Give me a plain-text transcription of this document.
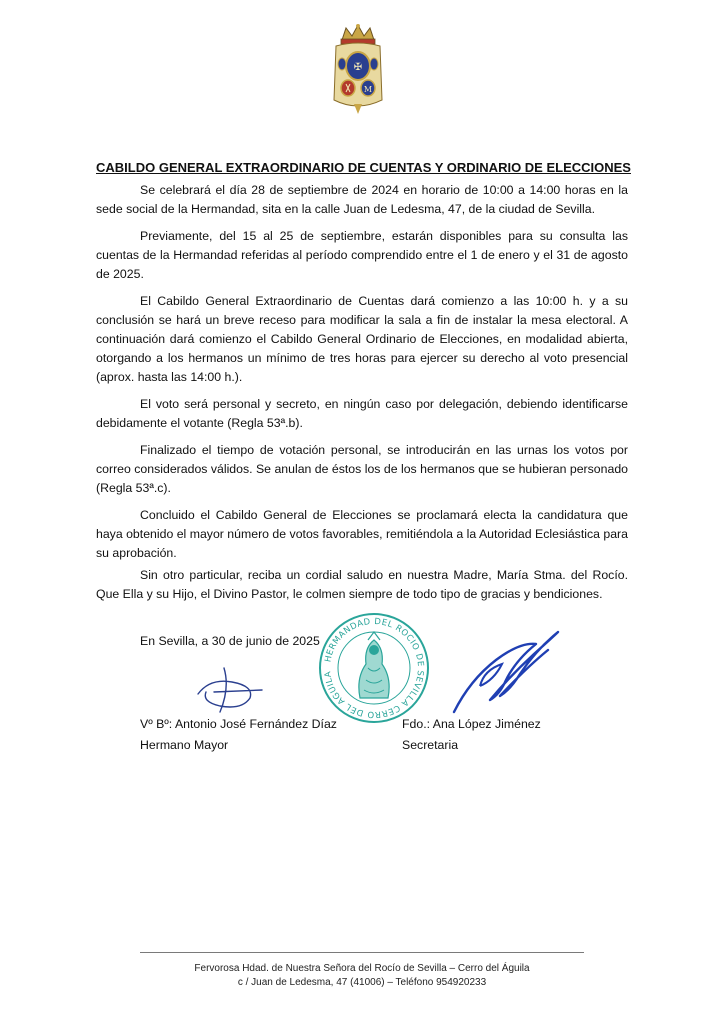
✠
M
CABILDO GENERAL EXTRAORDINARIO DE CUENTAS Y ORDINARIO DE ELECCIONES

Se celebrará el día 28 de septiembre de 2024 en horario de 10:00 a 14:00 horas en la sede social de la Hermandad, sita en la calle Juan de Ledesma, 47, de la ciudad de Sevilla.

Previamente, del 15 al 25 de septiembre, estarán disponibles para su consulta las cuentas de la Hermandad referidas al período comprendido entre el 1 de enero y el 31 de agosto de 2025.

El Cabildo General Extraordinario de Cuentas dará comienzo a las 10:00 h. y a su conclusión se hará un breve receso para modificar la sala a fin de instalar la mesa electoral. A continuación dará comienzo el Cabildo General Ordinario de Elecciones, en modalidad abierta, otorgando a los hermanos un mínimo de tres horas para ejercer su derecho al voto presencial (aprox. hasta las 14:00 h.).

El voto será personal y secreto, en ningún caso por delegación, debiendo identificarse debidamente el votante (Regla 53ª.b).

Finalizado el tiempo de votación personal, se introducirán en las urnas los votos por correo considerados válidos. Se anulan de éstos los de los hermanos que se hubieran personado (Regla 53ª.c).

Concluido el Cabildo General de Elecciones se proclamará electa la candidatura que haya obtenido el mayor número de votos favorables, remitiéndola a la Autoridad Eclesiástica para su aprobación.

Sin otro particular, reciba un cordial saludo en nuestra Madre, María Stma. del Rocío. Que Ella y su Hijo, el Divino Pastor, le colmen siempre de todo tipo de gracias y bendiciones.

En Sevilla, a 30 de junio de 2025
HERMANDAD DEL ROCIO DE SEVILLA CERRO DEL AGUILA
Vº Bº: Antonio José Fernández Díaz
Hermano Mayor
Fdo.: Ana López Jiménez
Secretaria
Fervorosa Hdad. de Nuestra Señora del Rocío de Sevilla – Cerro del Águila
c / Juan de Ledesma, 47 (41006) – Teléfono 954920233
